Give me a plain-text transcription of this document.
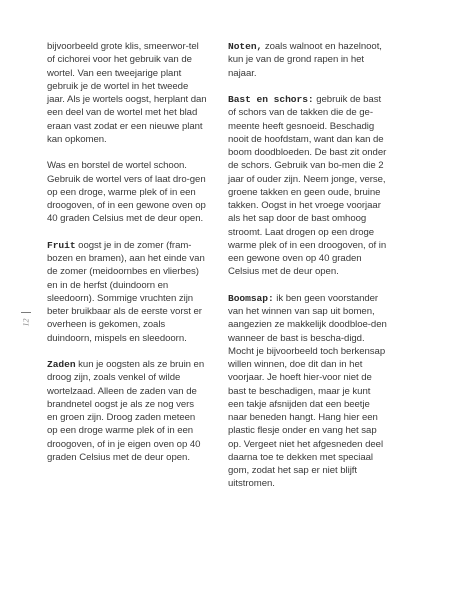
12

bijvoorbeeld grote klis, smeerwor-tel of cichorei voor het gebruik van de wortel. Van een tweejarige plant gebruik je de wortel in het tweede jaar. Als je wortels oogst, herplant dan een deel van de wortel met het blad eraan vast zodat er een nieuwe plant kan opkomen.

Was en borstel de wortel schoon. Gebruik de wortel vers of laat dro-gen op een droge, warme plek of in een droogoven, of in een gewone oven op 40 graden Celsius met de deur open.

Fruit oogst je in de zomer (fram-bozen en bramen), aan het einde van de zomer (meidoornbes en vlierbes) en in de herfst (duindoorn en sleedoorn). Sommige vruchten zijn beter bruikbaar als de eerste vorst er overheen is gekomen, zoals duindoorn, mispels en sleedoorn.

Zaden kun je oogsten als ze bruin en droog zijn, zoals venkel of wilde wortelzaad. Alleen de zaden van de brandnetel oogst je als ze nog vers en groen zijn. Droog zaden meteen op een droge warme plek of in een droogoven, of in je eigen oven op 40 graden Celsius met de deur open.

Noten, zoals walnoot en hazelnoot, kun je van de grond rapen in het najaar.

Bast en schors: gebruik de bast of schors van de takken die de ge-meente heeft gesnoeid. Beschadig nooit de hoofdstam, want dan kan de boom doodbloeden. De bast zit onder de schors. Gebruik van bo-men die 2 jaar of ouder zijn. Neem jonge, verse, groene takken en geen oude, bruine takken. Oogst in het vroege voorjaar als het sap door de bast omhoog stroomt. Laat drogen op een droge warme plek of in een droogoven, of in een gewone oven op 40 graden Celsius met de deur open.

Boomsap: ik ben geen voorstander van het winnen van sap uit bomen, aangezien ze makkelijk doodbloe-den wanneer de bast is bescha-digd. Mocht je bijvoorbeeld toch berkensap willen winnen, doe dit dan in het voorjaar. Je hoeft hier-voor niet de bast te beschadigen, maar je kunt een takje afsnijden dat een beetje naar beneden hangt. Hang hier een plastic flesje onder en vang het sap op. Vergeet niet het afgesneden deel daarna toe te dekken met speciaal gom, zodat het sap er niet blijft uitstromen.
